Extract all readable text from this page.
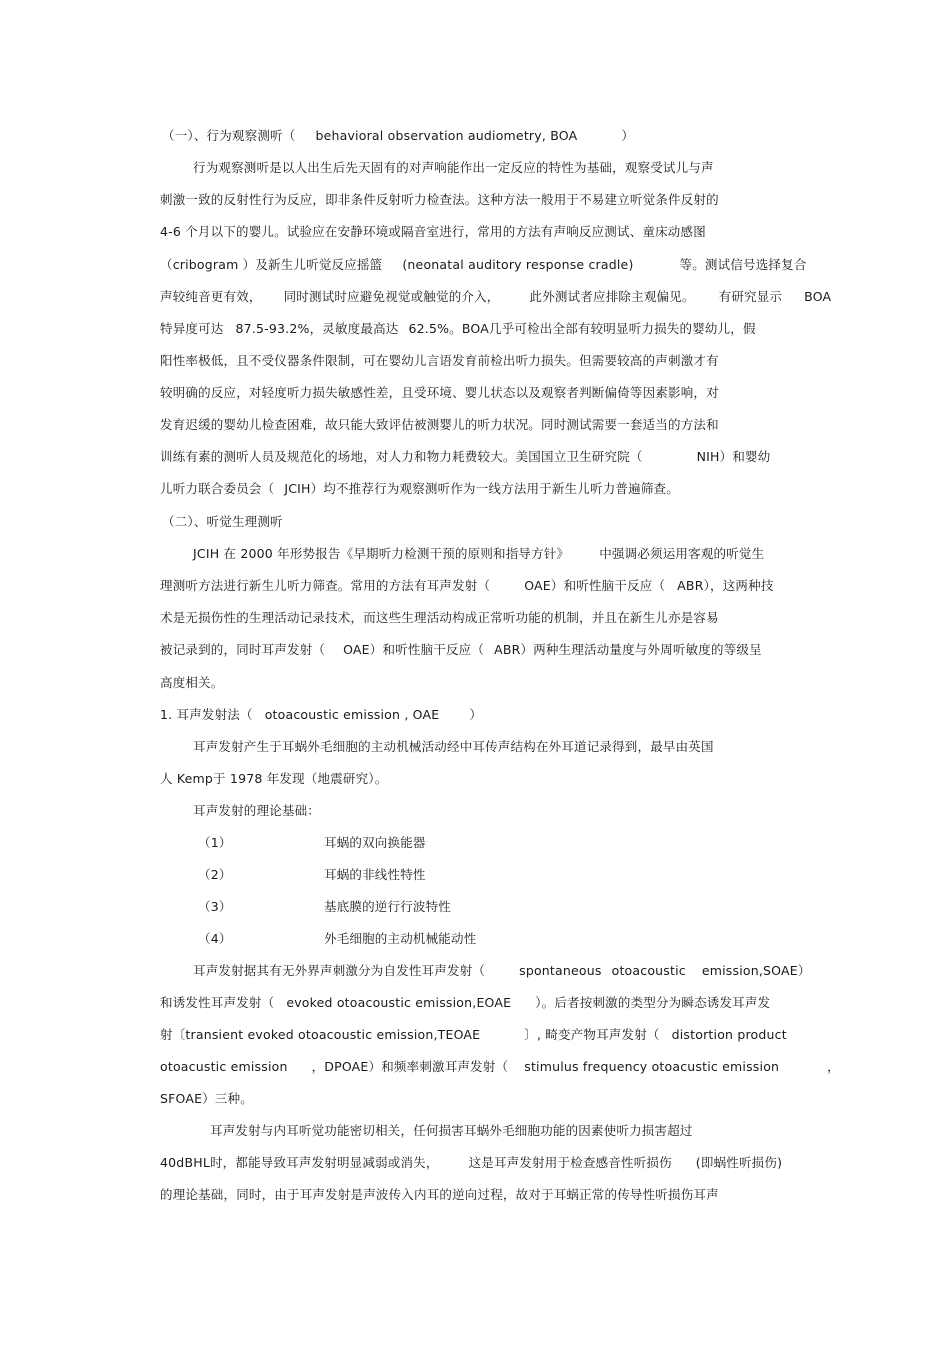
（一）、行为观察测听（ behavioral observation audiometry, BOA	）
行为观察测听是以人出生后先天固有的对声响能作出一定反应的特性为基础，观察受试儿与声
刺激一致的反射性行为反应，即非条件反射听力检查法。这种方法一般用于不易建立听觉条件反射的
4-6 个月以下的婴儿。试验应在安静环境或隔音室进行，常用的方法有声响反应测试、童床动感图
（cribogram ）及新生儿听觉反应摇篮 (neonatal auditory response cradle)	等。测试信号选择复合
声较纯音更有效， 同时测试时应避免视觉或触觉的介入， 此外测试者应排除主观偏见。 有研究显示 BOA
特异度可达 87.5-93.2%，灵敏度最高达 62.5%。BOA几乎可检出全部有较明显听力损失的婴幼儿，假
阳性率极低，且不受仪器条件限制，可在婴幼儿言语发育前检出听力损失。但需要较高的声刺激才有
较明确的反应，对轻度听力损失敏感性差，且受环境、婴儿状态以及观察者判断偏倚等因素影响，对
发育迟缓的婴幼儿检查困难，故只能大致评估被测婴儿的听力状况。同时测试需要一套适当的方法和
训练有素的测听人员及规范化的场地，对人力和物力耗费较大。美国国立卫生研究院（	NIH）和婴幼
儿听力联合委员会（ JCIH）均不推荐行为观察测听作为一线方法用于新生儿听力普遍筛查。
（二）、听觉生理测听
JCIH 在 2000 年形势报告《早期听力检测干预的原则和指导方针》 中强调必须运用客观的听觉生
理测听方法进行新生儿听力筛查。常用的方法有耳声发射（	OAE）和听性脑干反应（ ABR），这两种技
术是无损伤性的生理活动记录技术，而这些生理活动构成正常听功能的机制，并且在新生儿亦是容易
被记录到的，同时耳声发射（ OAE）和听性脑干反应（ ABR）两种生理活动量度与外周听敏度的等级呈
高度相关。
1. 耳声发射法（ otoacoustic emission , OAE ）
耳声发射产生于耳蜗外毛细胞的主动机械活动经中耳传声结构在外耳道记录得到，最早由英国
人 Kemp于 1978 年发现（地震研究）。
耳声发射的理论基础：
（1）	耳蜗的双向换能器
（2）	耳蜗的非线性特性
（3）	基底膜的逆行行波特性
（4）	外毛细胞的主动机械能动性
耳声发射据其有无外界声刺激分为自发性耳声发射（	spontaneous otoacoustic emission,SOAE）
和诱发性耳声发射（ evoked otoacoustic emission,EOAE ）。后者按刺激的类型分为瞬态诱发耳声发
射〔transient evoked otoacoustic emission,TEOAE	〕, 畸变产物耳声发射（ distortion product
otoacustic emission ，DPOAE）和频率刺激耳声发射（ stimulus frequency otoacustic emission	，
SFOAE）三种。
耳声发射与内耳听觉功能密切相关，任何损害耳蜗外毛细胞功能的因素使听力损害超过
40dBHL时，都能导致耳声发射明显减弱或消失， 这是耳声发射用于检查感音性听损伤 (即蜗性听损伤)
的理论基础，同时，由于耳声发射是声波传入内耳的逆向过程，故对于耳蜗正常的传导性听损伤耳声
